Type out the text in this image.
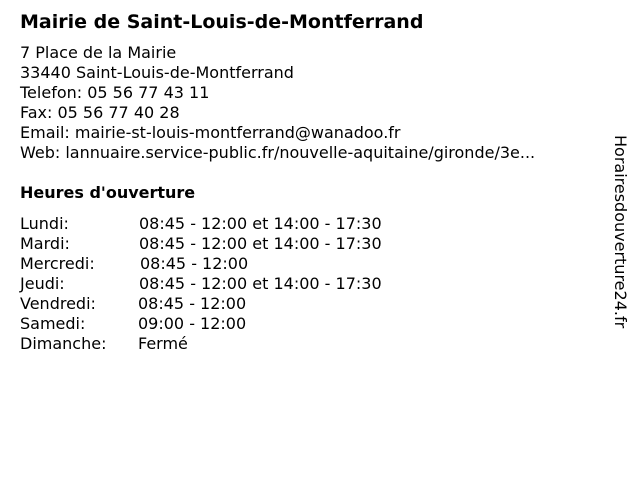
Mairie de Saint-Louis-de-Montferrand
7 Place de la Mairie
33440 Saint-Louis-de-Montferrand
Telefon: 05 56 77 43 11
Fax: 05 56 77 40 28
Email: mairie-st-louis-montferrand@wanadoo.fr
Web: lannuaire.service-public.fr/nouvelle-aquitaine/gironde/3e...
Heures d'ouverture
Lundi:	08:45 - 12:00 et 14:00 - 17:30
Mardi:	08:45 - 12:00 et 14:00 - 17:30
Mercredi:	08:45 - 12:00
Jeudi:	08:45 - 12:00 et 14:00 - 17:30
Vendredi:	08:45 - 12:00
Samedi:	09:00 - 12:00
Dimanche: Fermé
Horairesdouverture24.fr
